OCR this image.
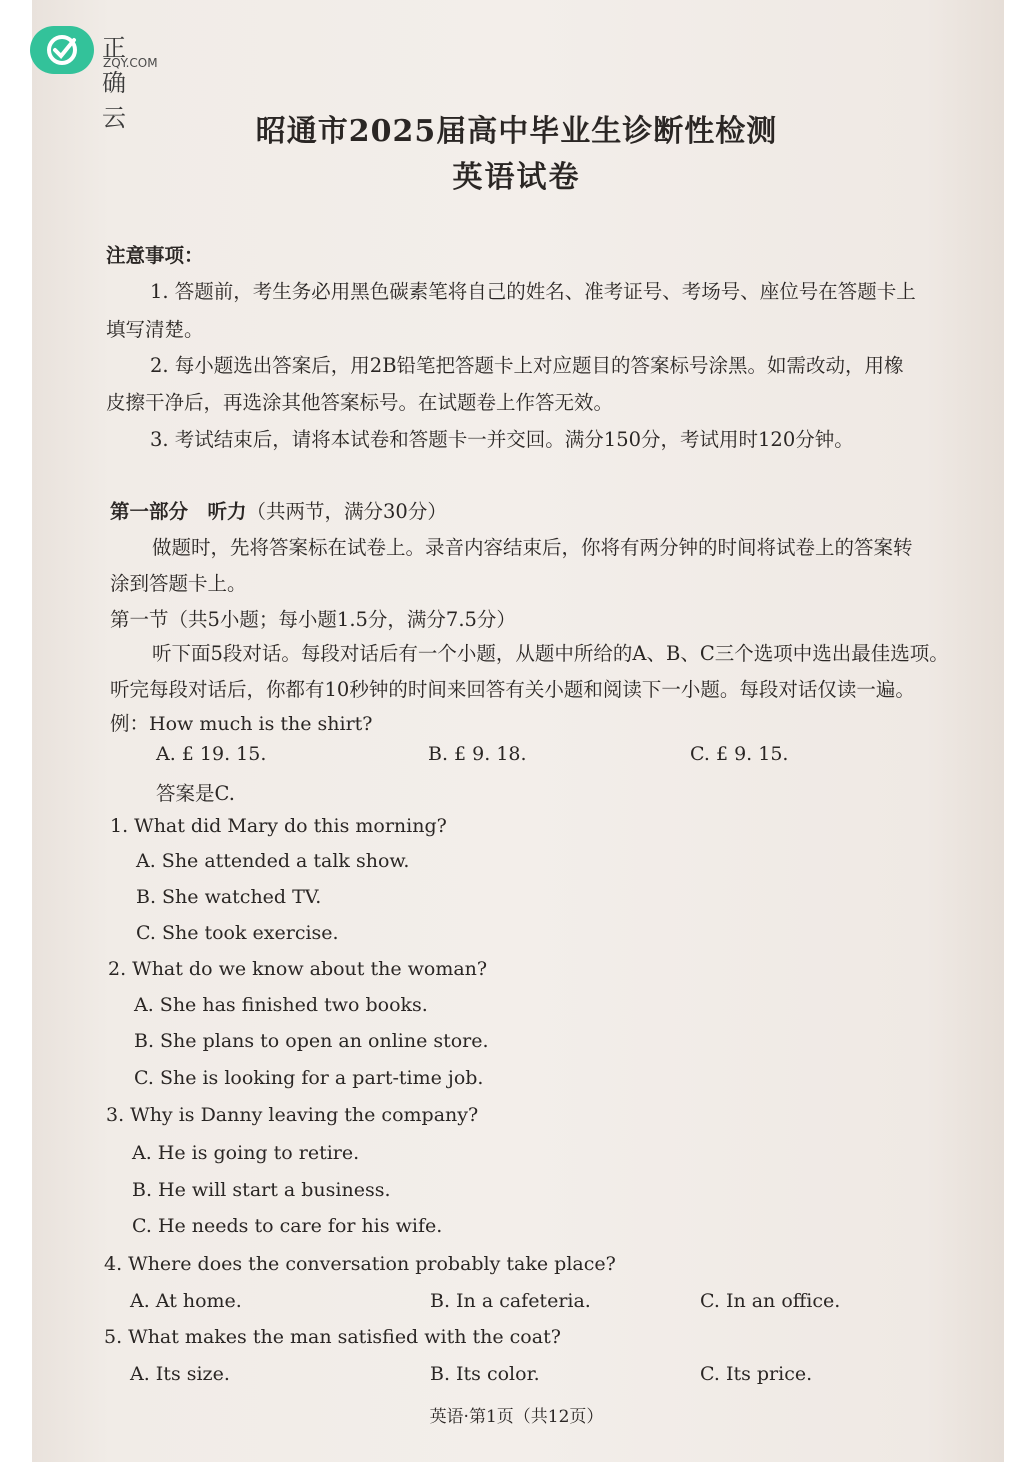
正确云
ZQY.COM
昭通市2025届高中毕业生诊断性检测
英语试卷
注意事项：
1. 答题前，考生务必用黑色碳素笔将自己的姓名、准考证号、考场号、座位号在答题卡上
填写清楚。
2. 每小题选出答案后，用2B铅笔把答题卡上对应题目的答案标号涂黑。如需改动，用橡
皮擦干净后，再选涂其他答案标号。在试题卷上作答无效。
3. 考试结束后，请将本试卷和答题卡一并交回。满分150分，考试用时120分钟。
第一部分　听力（共两节，满分30分）
做题时，先将答案标在试卷上。录音内容结束后，你将有两分钟的时间将试卷上的答案转
涂到答题卡上。
第一节（共5小题；每小题1.5分，满分7.5分）
听下面5段对话。每段对话后有一个小题，从题中所给的A、B、C三个选项中选出最佳选项。
听完每段对话后，你都有10秒钟的时间来回答有关小题和阅读下一小题。每段对话仅读一遍。
例：How much is the shirt?
A. £ 19. 15.	B. £ 9. 18.	C. £ 9. 15.
答案是C.
1. What did Mary do this morning?
A. She attended a talk show.
B. She watched TV.
C. She took exercise.
2. What do we know about the woman?
A. She has finished two books.
B. She plans to open an online store.
C. She is looking for a part-time job.
3. Why is Danny leaving the company?
A. He is going to retire.
B. He will start a business.
C. He needs to care for his wife.
4. Where does the conversation probably take place?
A. At home.	B. In a cafeteria.	C. In an office.
5. What makes the man satisfied with the coat?
A. Its size.	B. Its color.	C. Its price.
英语·第1页（共12页）
